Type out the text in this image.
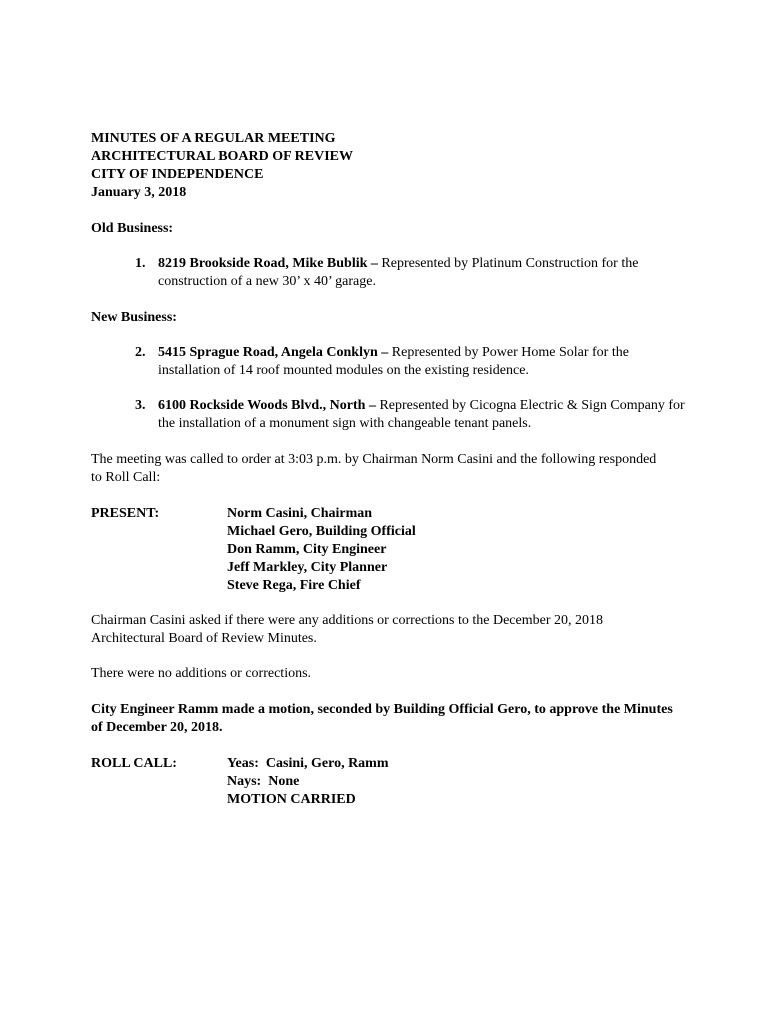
MINUTES OF A REGULAR MEETING
ARCHITECTURAL BOARD OF REVIEW
CITY OF INDEPENDENCE
January 3, 2018
Old Business:
1. 8219 Brookside Road, Mike Bublik – Represented by Platinum Construction for the construction of a new 30’ x 40’ garage.
New Business:
2. 5415 Sprague Road, Angela Conklyn – Represented by Power Home Solar for the installation of 14 roof mounted modules on the existing residence.
3. 6100 Rockside Woods Blvd., North – Represented by Cicogna Electric & Sign Company for the installation of a monument sign with changeable tenant panels.
The meeting was called to order at 3:03 p.m. by Chairman Norm Casini and the following responded to Roll Call:
PRESENT:	Norm Casini, Chairman
Michael Gero, Building Official
Don Ramm, City Engineer
Jeff Markley, City Planner
Steve Rega, Fire Chief
Chairman Casini asked if there were any additions or corrections to the December 20, 2018 Architectural Board of Review Minutes.
There were no additions or corrections.
City Engineer Ramm made a motion, seconded by Building Official Gero, to approve the Minutes of December 20, 2018.
ROLL CALL:	Yeas:  Casini, Gero, Ramm
Nays:  None
MOTION CARRIED
